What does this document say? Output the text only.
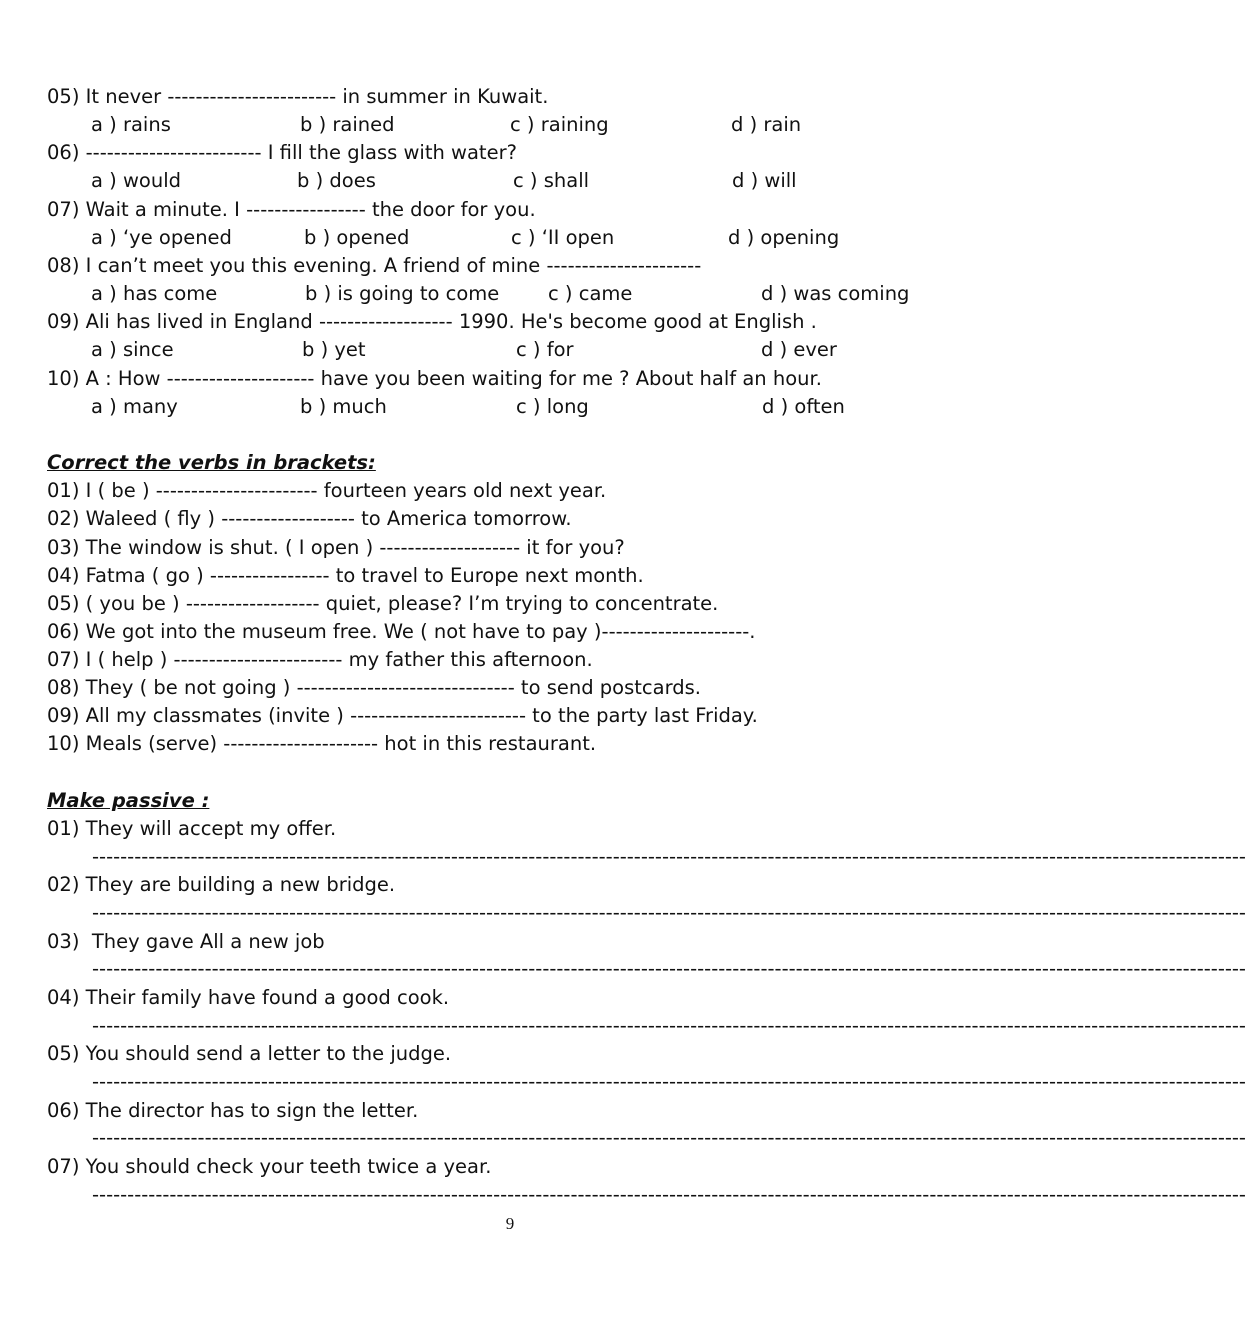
05) It never ------------------------ in summer in Kuwait.
a ) rains	b ) rained	c ) raining	d ) rain
06) ------------------------- I fill the glass with water?
a ) would	b ) does	c ) shall	d ) will
07) Wait a minute. I ----------------- the door for you.
a ) ‘ye opened	b ) opened	c ) ‘II open	d ) opening
08) I can’t meet you this evening. A friend of mine ----------------------
a ) has come	b ) is going to come	c ) came	d ) was coming
09) Ali has lived in England ------------------- 1990. He's become good at English .
a ) since	b ) yet	c ) for	d ) ever
10) A : How --------------------- have you been waiting for me ? About half an hour.
a ) many	b ) much	c ) long	d ) often
Correct the verbs in brackets:
01) I ( be ) ----------------------- fourteen years old next year.
02) Waleed ( fly ) ------------------- to America tomorrow.
03) The window is shut. ( I open ) -------------------- it for you?
04) Fatma ( go ) ----------------- to travel to Europe next month.
05) ( you be ) ------------------- quiet, please? I’m trying to concentrate.
06) We got into the museum free. We ( not have to pay )---------------------.
07) I ( help ) ------------------------ my father this afternoon.
08) They ( be not going ) ------------------------------- to send postcards.
09) All my classmates (invite ) ------------------------- to the party last Friday.
10) Meals (serve) ---------------------- hot in this restaurant.
Make passive :
01) They will accept my offer.
--------------------------------------------------------------------------------------------------------------------------------------------------------------------
02) They are building a new bridge.
--------------------------------------------------------------------------------------------------------------------------------------------------------------------
03)  They gave All a new job
--------------------------------------------------------------------------------------------------------------------------------------------------------------------
04) Their family have found a good cook.
--------------------------------------------------------------------------------------------------------------------------------------------------------------------
05) You should send a letter to the judge.
--------------------------------------------------------------------------------------------------------------------------------------------------------------------
06) The director has to sign the letter.
--------------------------------------------------------------------------------------------------------------------------------------------------------------------
07) You should check your teeth twice a year.
--------------------------------------------------------------------------------------------------------------------------------------------------------------------
9
